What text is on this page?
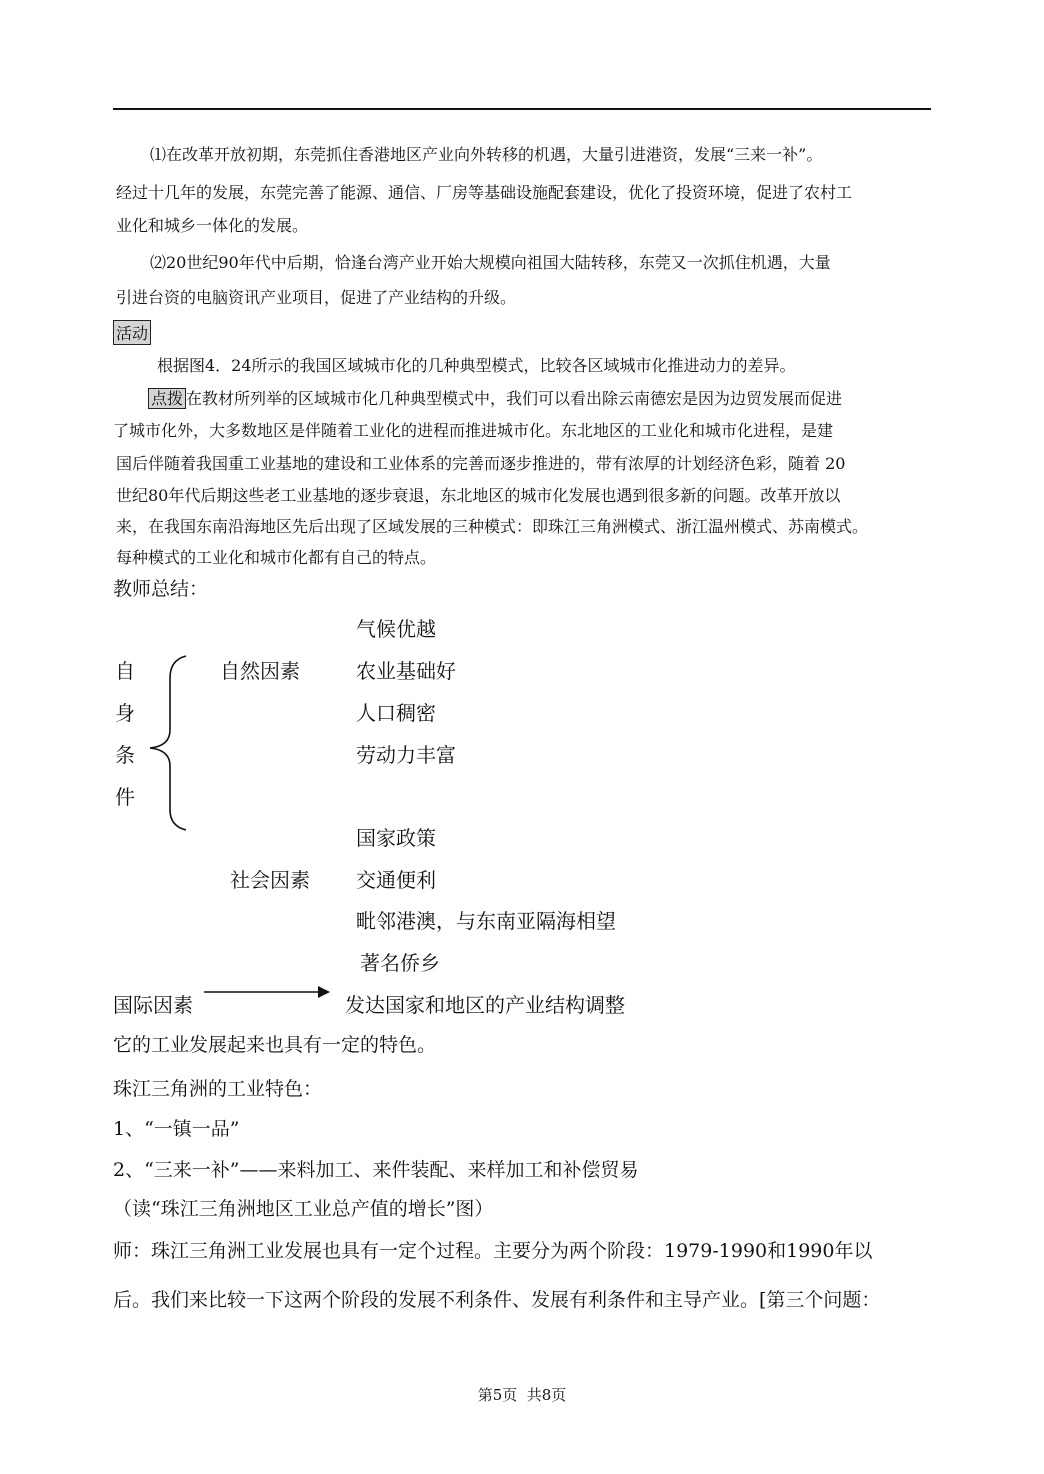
⑴在改革开放初期，东莞抓住香港地区产业向外转移的机遇，大量引进港资，发展“三来一补”。
经过十几年的发展，东莞完善了能源、通信、厂房等基础设施配套建设，优化了投资环境，促进了农村工
业化和城乡一体化的发展。
⑵20世纪90年代中后期，恰逢台湾产业开始大规模向祖国大陆转移，东莞又一次抓住机遇，大量
引进台资的电脑资讯产业项目，促进了产业结构的升级。
活动
根据图4．24所示的我国区域城市化的几种典型模式，比较各区域城市化推进动力的差异。
点拨 在教材所列举的区域城市化几种典型模式中，我们可以看出除云南德宏是因为边贸发展而促进
了城市化外，大多数地区是伴随着工业化的进程而推进城市化。东北地区的工业化和城市化进程，是建
国后伴随着我国重工业基地的建设和工业体系的完善而逐步推进的，带有浓厚的计划经济色彩，随着 20
世纪80年代后期这些老工业基地的逐步衰退，东北地区的城市化发展也遇到很多新的问题。改革开放以
来，在我国东南沿海地区先后出现了区域发展的三种模式：即珠江三角洲模式、浙江温州模式、苏南模式。
每种模式的工业化和城市化都有自己的特点。
教师总结：
自
身
条
件
自然因素
气候优越
农业基础好
人口稠密
劳动力丰富
社会因素
国家政策
交通便利
毗邻港澳，与东南亚隔海相望
著名侨乡
国际因素	发达国家和地区的产业结构调整
它的工业发展起来也具有一定的特色。
珠江三角洲的工业特色：
1、“一镇一品”
2、“三来一补”——来料加工、来件装配、来样加工和补偿贸易
（读“珠江三角洲地区工业总产值的增长”图）
师：珠江三角洲工业发展也具有一定个过程。主要分为两个阶段：1979-1990和1990年以
后。我们来比较一下这两个阶段的发展不利条件、发展有利条件和主导产业。[第三个问题：
第5页  共8页
